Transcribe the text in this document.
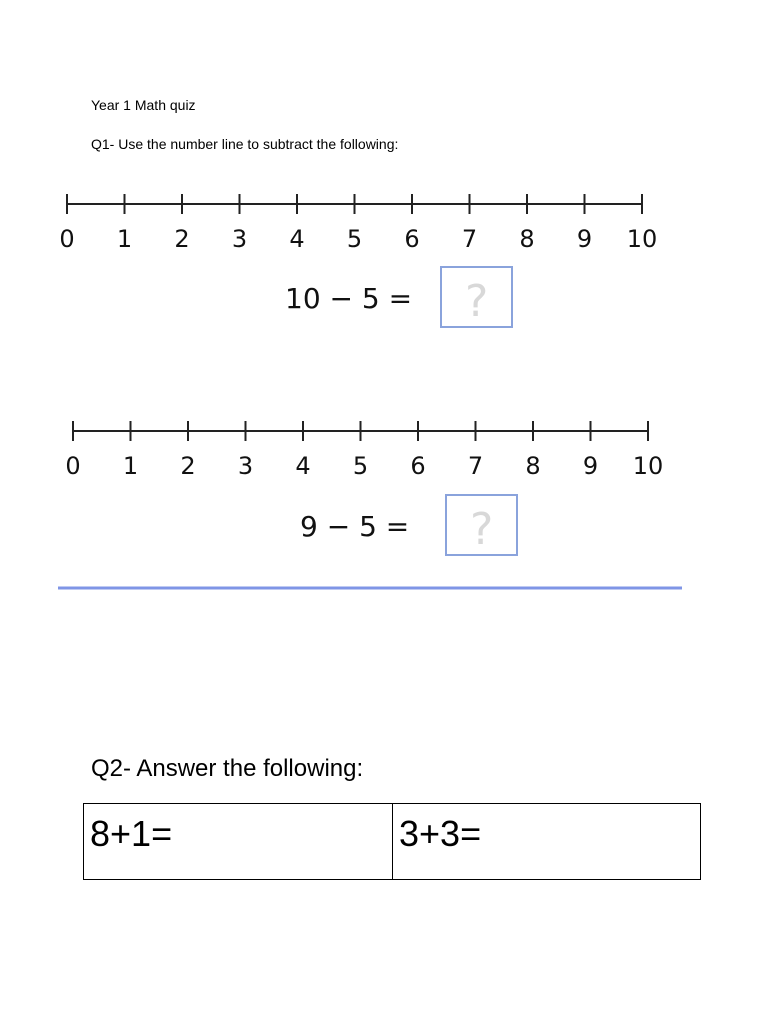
Year 1 Math quiz
Q1- Use the number line to subtract the following:
0 1 2 3 4 5 6 7 8 9 10
10 − 5 = ?
0 1 2 3 4 5 6 7 8 9 10
9 − 5 = ?
Q2- Answer the following:
8+1=	3+3=
